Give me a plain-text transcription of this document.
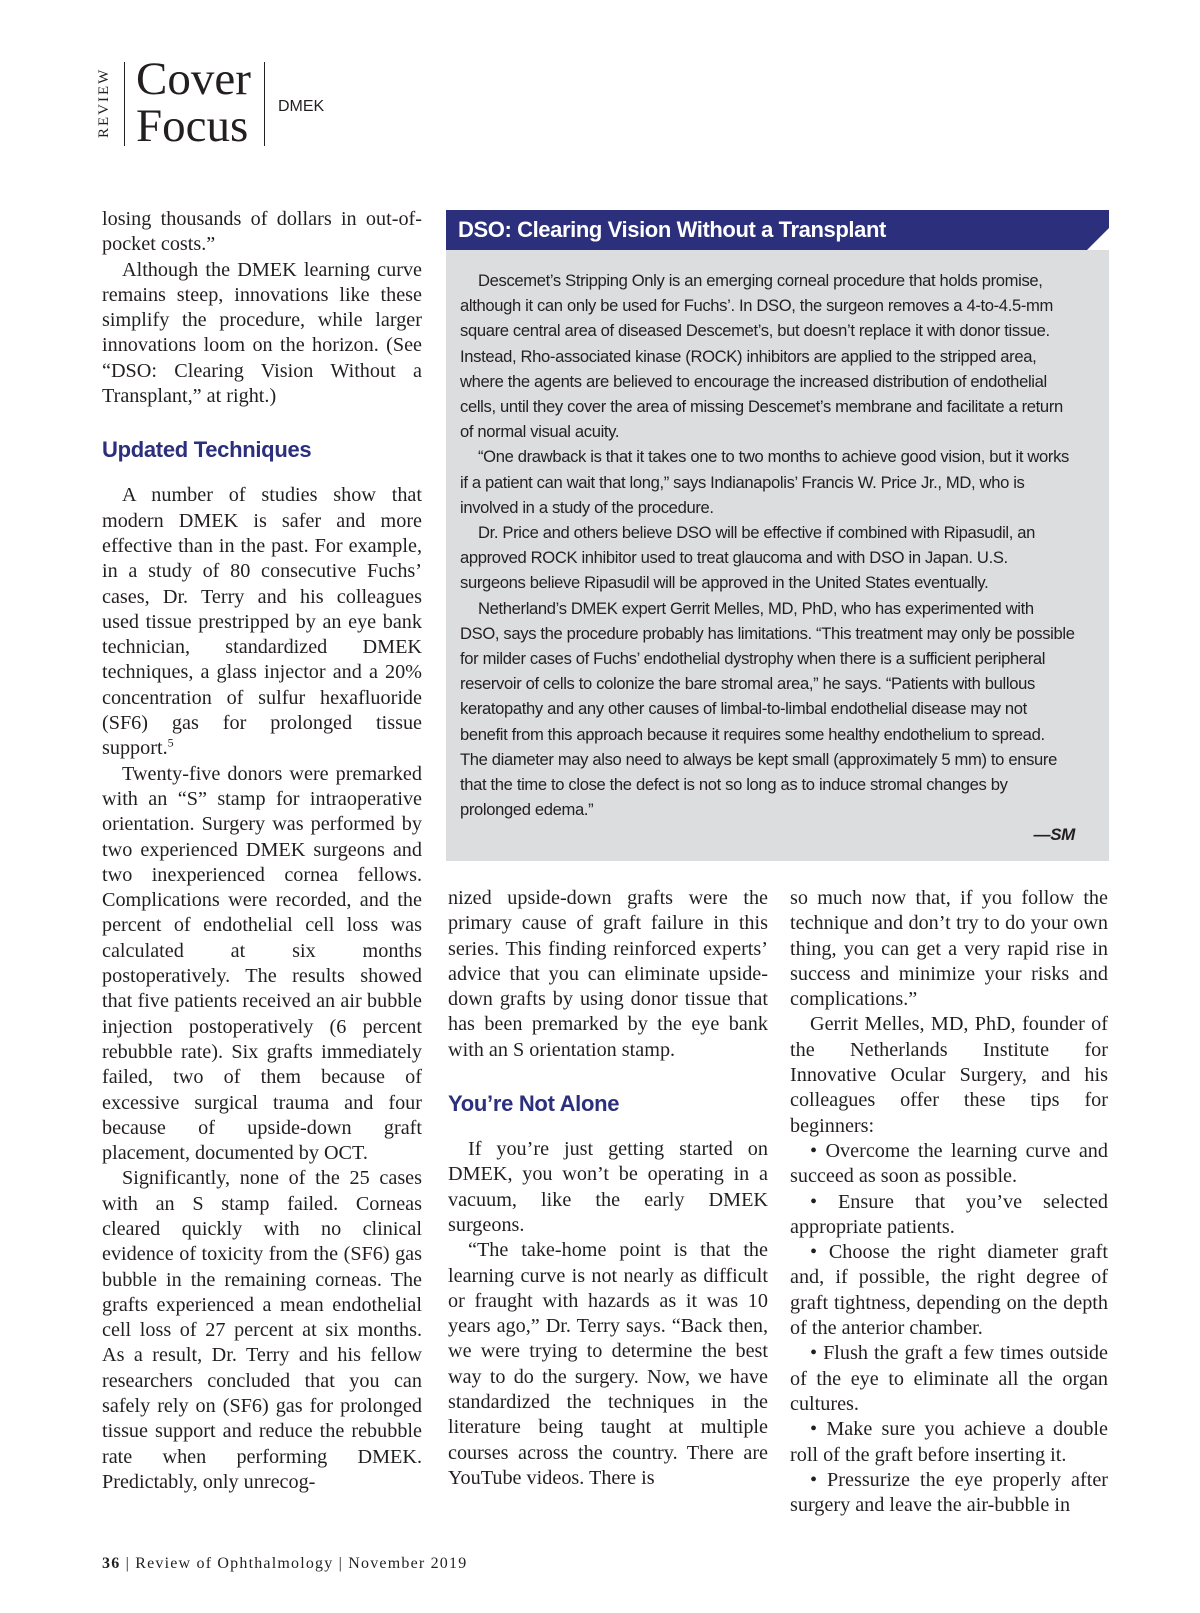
REVIEW Cover
Focus	DMEK

losing thousands of dollars in out-of-pocket costs.”

Although the DMEK learning curve remains steep, innovations like these simplify the procedure, while larger innovations loom on the horizon. (See “DSO: Clearing Vision Without a Transplant,” at right.)

Updated Techniques

A number of studies show that modern DMEK is safer and more effective than in the past. For example, in a study of 80 consecutive Fuchs’ cases, Dr. Terry and his colleagues used tissue prestripped by an eye bank technician, standardized DMEK techniques, a glass injector and a 20% concentration of sulfur hexafluoride (SF6) gas for prolonged tissue support.$^5$

Twenty-five donors were premarked with an “S” stamp for intraoperative orientation. Surgery was performed by two experienced DMEK surgeons and two inexperienced cornea fellows. Complications were recorded, and the percent of endothelial cell loss was calculated at six months postoperatively. The results showed that five patients received an air bubble injection postoperatively (6 percent rebubble rate). Six grafts immediately failed, two of them because of excessive surgical trauma and four because of upside-down graft placement, documented by OCT.

Significantly, none of the 25 cases with an S stamp failed. Corneas cleared quickly with no clinical evidence of toxicity from the (SF6) gas bubble in the remaining corneas. The grafts experienced a mean endothelial cell loss of 27 percent at six months. As a result, Dr. Terry and his fellow researchers concluded that you can safely rely on (SF6) gas for prolonged tissue support and reduce the rebubble rate when performing DMEK. Predictably, only unrecog-

DSO: Clearing Vision Without a Transplant

Descemet’s Stripping Only is an emerging corneal procedure that holds promise, although it can only be used for Fuchs’. In DSO, the surgeon removes a 4-to-4.5-mm square central area of diseased Descemet’s, but doesn’t replace it with donor tissue. Instead, Rho-associated kinase (ROCK) inhibitors are applied to the stripped area, where the agents are believed to encourage the increased distribution of endothelial cells, until they cover the area of missing Descemet’s membrane and facilitate a return of normal visual acuity.

“One drawback is that it takes one to two months to achieve good vision, but it works if a patient can wait that long,” says Indianapolis’ Francis W. Price Jr., MD, who is involved in a study of the procedure.

Dr. Price and others believe DSO will be effective if combined with Ripasudil, an approved ROCK inhibitor used to treat glaucoma and with DSO in Japan. U.S. surgeons believe Ripasudil will be approved in the United States eventually.

Netherland’s DMEK expert Gerrit Melles, MD, PhD, who has experimented with DSO, says the procedure probably has limitations. “This treatment may only be possible for milder cases of Fuchs’ endothelial dystrophy when there is a sufficient peripheral reservoir of cells to colonize the bare stromal area,” he says. “Patients with bullous keratopathy and any other causes of limbal-to-limbal endothelial disease may not benefit from this approach because it requires some healthy endothelium to spread. The diameter may also need to always be kept small (approximately 5 mm) to ensure that the time to close the defect is not so long as to induce stromal changes by prolonged edema.”

—SM

nized upside-down grafts were the primary cause of graft failure in this series. This finding reinforced experts’ advice that you can eliminate upside-down grafts by using donor tissue that has been premarked by the eye bank with an S orientation stamp.

You’re Not Alone

If you’re just getting started on DMEK, you won’t be operating in a vacuum, like the early DMEK surgeons.

“The take-home point is that the learning curve is not nearly as difficult or fraught with hazards as it was 10 years ago,” Dr. Terry says. “Back then, we were trying to determine the best way to do the surgery. Now, we have standardized the techniques in the literature being taught at multiple courses across the country. There are YouTube videos. There is

so much now that, if you follow the technique and don’t try to do your own thing, you can get a very rapid rise in success and minimize your risks and complications.”

Gerrit Melles, MD, PhD, founder of the Netherlands Institute for Innovative Ocular Surgery, and his colleagues offer these tips for beginners:

• Overcome the learning curve and succeed as soon as possible.

• Ensure that you’ve selected appropriate patients.

• Choose the right diameter graft and, if possible, the right degree of graft tightness, depending on the depth of the anterior chamber.

• Flush the graft a few times outside of the eye to eliminate all the organ cultures.

• Make sure you achieve a double roll of the graft before inserting it.

• Pressurize the eye properly after surgery and leave the air-bubble in

36 | Review of Ophthalmology | November 2019
